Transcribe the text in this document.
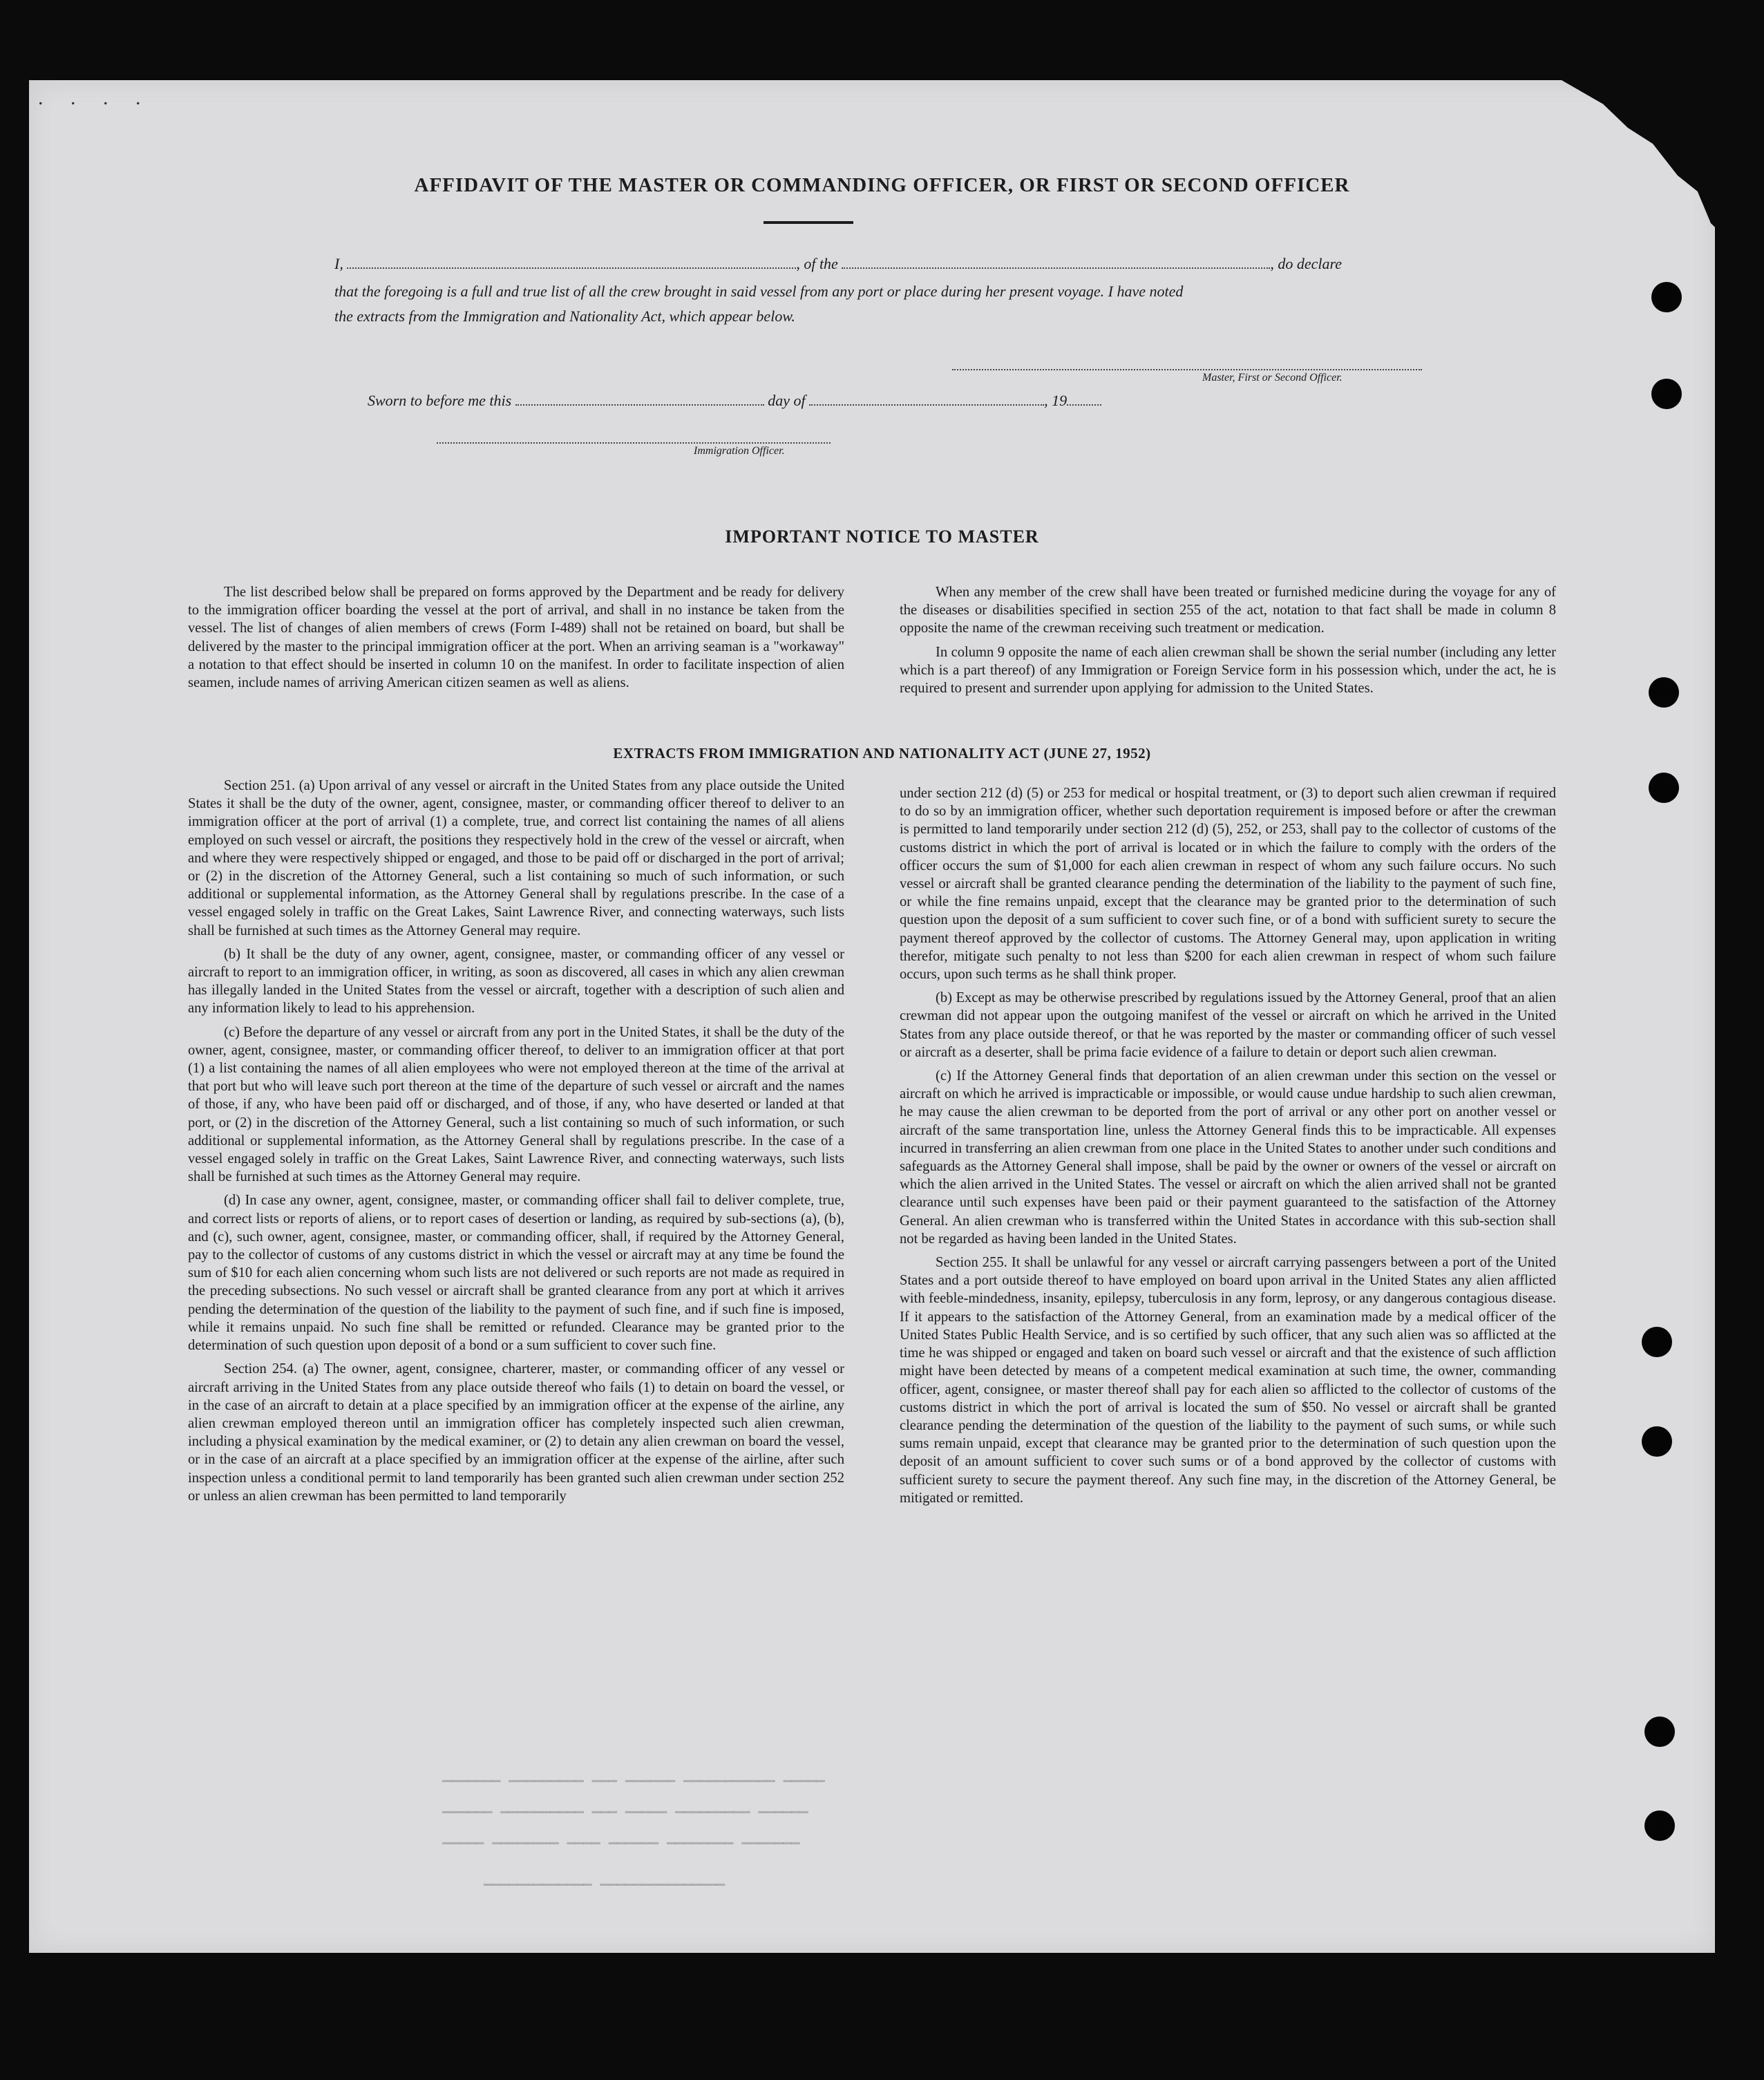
. . . .
AFFIDAVIT OF THE MASTER OR COMMANDING OFFICER, OR FIRST OR SECOND OFFICER
I,	, of the	, do declare
that the foregoing is a full and true list of all the crew brought in said vessel from any port or place during her present voyage. I have noted
the extracts from the Immigration and Nationality Act, which appear below.
Master, First or Second Officer.
Sworn to before me this	day of	, 19
Immigration Officer.
IMPORTANT NOTICE TO MASTER

The list described below shall be prepared on forms approved by the Department and be ready for delivery to the immigration officer boarding the vessel at the port of arrival, and shall in no instance be taken from the vessel. The list of changes of alien members of crews (Form I-489) shall not be retained on board, but shall be delivered by the master to the principal immigration officer at the port. When an arriving seaman is a "workaway" a notation to that effect should be inserted in column 10 on the manifest. In order to facilitate inspection of alien seamen, include names of arriving American citizen seamen as well as aliens.

When any member of the crew shall have been treated or furnished medicine during the voyage for any of the diseases or disabilities specified in section 255 of the act, notation to that fact shall be made in column 8 opposite the name of the crewman receiving such treatment or medication.

In column 9 opposite the name of each alien crewman shall be shown the serial number (including any letter which is a part thereof) of any Immigration or Foreign Service form in his possession which, under the act, he is required to present and surrender upon applying for admission to the United States.

EXTRACTS FROM IMMIGRATION AND NATIONALITY ACT (JUNE 27, 1952)

Section 251. (a) Upon arrival of any vessel or aircraft in the United States from any place outside the United States it shall be the duty of the owner, agent, consignee, master, or commanding officer thereof to deliver to an immigration officer at the port of arrival (1) a complete, true, and correct list containing the names of all aliens employed on such vessel or aircraft, the positions they respectively hold in the crew of the vessel or aircraft, when and where they were respectively shipped or engaged, and those to be paid off or discharged in the port of arrival; or (2) in the discretion of the Attorney General, such a list containing so much of such information, or such additional or supplemental information, as the Attorney General shall by regulations prescribe. In the case of a vessel engaged solely in traffic on the Great Lakes, Saint Lawrence River, and connecting waterways, such lists shall be furnished at such times as the Attorney General may require.

(b) It shall be the duty of any owner, agent, consignee, master, or commanding officer of any vessel or aircraft to report to an immigration officer, in writing, as soon as discovered, all cases in which any alien crewman has illegally landed in the United States from the vessel or aircraft, together with a description of such alien and any information likely to lead to his apprehension.

(c) Before the departure of any vessel or aircraft from any port in the United States, it shall be the duty of the owner, agent, consignee, master, or commanding officer thereof, to deliver to an immigration officer at that port (1) a list containing the names of all alien employees who were not employed thereon at the time of the arrival at that port but who will leave such port thereon at the time of the departure of such vessel or aircraft and the names of those, if any, who have been paid off or discharged, and of those, if any, who have deserted or landed at that port, or (2) in the discretion of the Attorney General, such a list containing so much of such information, or such additional or supplemental information, as the Attorney General shall by regulations prescribe. In the case of a vessel engaged solely in traffic on the Great Lakes, Saint Lawrence River, and connecting waterways, such lists shall be furnished at such times as the Attorney General may require.

(d) In case any owner, agent, consignee, master, or commanding officer shall fail to deliver complete, true, and correct lists or reports of aliens, or to report cases of desertion or landing, as required by sub-sections (a), (b), and (c), such owner, agent, consignee, master, or commanding officer, shall, if required by the Attorney General, pay to the collector of customs of any customs district in which the vessel or aircraft may at any time be found the sum of $10 for each alien concerning whom such lists are not delivered or such reports are not made as required in the preceding subsections. No such vessel or aircraft shall be granted clearance from any port at which it arrives pending the determination of the question of the liability to the payment of such fine, and if such fine is imposed, while it remains unpaid. No such fine shall be remitted or refunded. Clearance may be granted prior to the determination of such question upon deposit of a bond or a sum sufficient to cover such fine.

Section 254. (a) The owner, agent, consignee, charterer, master, or commanding officer of any vessel or aircraft arriving in the United States from any place outside thereof who fails (1) to detain on board the vessel, or in the case of an aircraft to detain at a place specified by an immigration officer at the expense of the airline, any alien crewman employed thereon until an immigration officer has completely inspected such alien crewman, including a physical examination by the medical examiner, or (2) to detain any alien crewman on board the vessel, or in the case of an aircraft at a place specified by an immigration officer at the expense of the airline, after such inspection unless a conditional permit to land temporarily has been granted such alien crewman under section 252 or unless an alien crewman has been permitted to land temporarily

under section 212 (d) (5) or 253 for medical or hospital treatment, or (3) to deport such alien crewman if required to do so by an immigration officer, whether such deportation requirement is imposed before or after the crewman is permitted to land temporarily under section 212 (d) (5), 252, or 253, shall pay to the collector of customs of the customs district in which the port of arrival is located or in which the failure to comply with the orders of the officer occurs the sum of $1,000 for each alien crewman in respect of whom any such failure occurs. No such vessel or aircraft shall be granted clearance pending the determination of the liability to the payment of such fine, or while the fine remains unpaid, except that the clearance may be granted prior to the determination of such question upon the deposit of a sum sufficient to cover such fine, or of a bond with sufficient surety to secure the payment thereof approved by the collector of customs. The Attorney General may, upon application in writing therefor, mitigate such penalty to not less than $200 for each alien crewman in respect of whom such failure occurs, upon such terms as he shall think proper.

(b) Except as may be otherwise prescribed by regulations issued by the Attorney General, proof that an alien crewman did not appear upon the outgoing manifest of the vessel or aircraft on which he arrived in the United States from any place outside thereof, or that he was reported by the master or commanding officer of such vessel or aircraft as a deserter, shall be prima facie evidence of a failure to detain or deport such alien crewman.

(c) If the Attorney General finds that deportation of an alien crewman under this section on the vessel or aircraft on which he arrived is impracticable or impossible, or would cause undue hardship to such alien crewman, he may cause the alien crewman to be deported from the port of arrival or any other port on another vessel or aircraft of the same transportation line, unless the Attorney General finds this to be impracticable. All expenses incurred in transferring an alien crewman from one place in the United States to another under such conditions and safeguards as the Attorney General shall impose, shall be paid by the owner or owners of the vessel or aircraft on which the alien arrived in the United States. The vessel or aircraft on which the alien arrived shall not be granted clearance until such expenses have been paid or their payment guaranteed to the satisfaction of the Attorney General. An alien crewman who is transferred within the United States in accordance with this sub-section shall not be regarded as having been landed in the United States.

Section 255. It shall be unlawful for any vessel or aircraft carrying passengers between a port of the United States and a port outside thereof to have employed on board upon arrival in the United States any alien afflicted with feeble-mindedness, insanity, epilepsy, tuberculosis in any form, leprosy, or any dangerous contagious disease. If it appears to the satisfaction of the Attorney General, from an examination made by a medical officer of the United States Public Health Service, and is so certified by such officer, that any such alien was so afflicted at the time he was shipped or engaged and taken on board such vessel or aircraft and that the existence of such affliction might have been detected by means of a competent medical examination at such time, the owner, commanding officer, agent, consignee, or master thereof shall pay for each alien so afflicted to the collector of customs of the customs district in which the port of arrival is located the sum of $50. No vessel or aircraft shall be granted clearance pending the determination of the question of the liability to the payment of such sums, or while such sums remain unpaid, except that clearance may be granted prior to the determination of such question upon the deposit of an amount sufficient to cover such sums or of a bond approved by the collector of customs with sufficient surety to secure the payment thereof. Any such fine may, in the discretion of the Attorney General, be mitigated or remitted.

▁▁▁▁▁▁▁ ▁▁▁▁▁▁▁▁▁ ▁▁▁ ▁▁▁▁▁▁ ▁▁▁▁▁▁▁▁▁▁▁ ▁▁▁▁▁
▁▁▁▁▁▁ ▁▁▁▁▁▁▁▁▁▁ ▁▁▁ ▁▁▁▁▁ ▁▁▁▁▁▁▁▁▁ ▁▁▁▁▁▁
▁▁▁▁▁ ▁▁▁▁▁▁▁▁ ▁▁▁▁ ▁▁▁▁▁▁ ▁▁▁▁▁▁▁▁ ▁▁▁▁▁▁▁
▁▁▁▁▁▁▁▁▁▁▁▁▁ ▁▁▁▁▁▁▁▁▁▁▁▁▁▁▁
